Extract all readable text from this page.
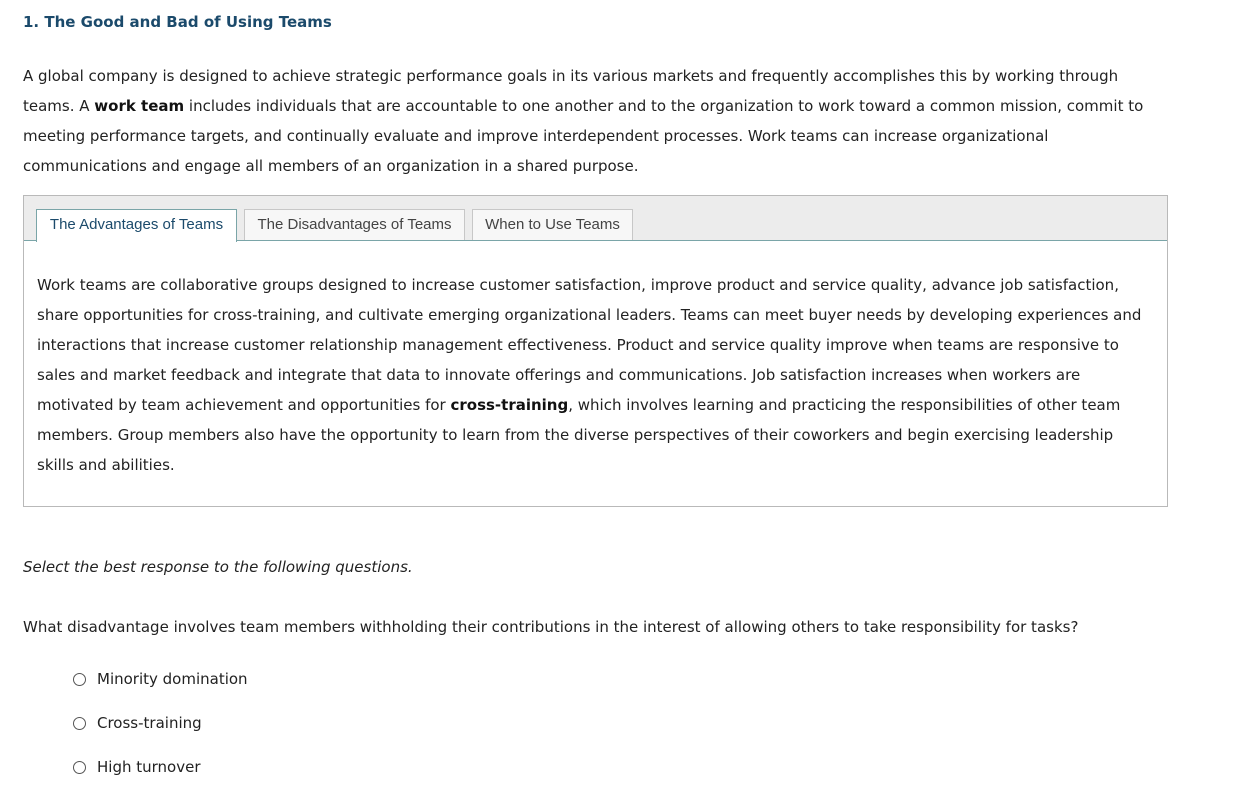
1. The Good and Bad of Using Teams
A global company is designed to achieve strategic performance goals in its various markets and frequently accomplishes this by working through teams. A work team includes individuals that are accountable to one another and to the organization to work toward a common mission, commit to meeting performance targets, and continually evaluate and improve interdependent processes. Work teams can increase organizational communications and engage all members of an organization in a shared purpose.
The Advantages of Teams	The Disadvantages of Teams	When to Use Teams
Work teams are collaborative groups designed to increase customer satisfaction, improve product and service quality, advance job satisfaction, share opportunities for cross-training, and cultivate emerging organizational leaders. Teams can meet buyer needs by developing experiences and interactions that increase customer relationship management effectiveness. Product and service quality improve when teams are responsive to sales and market feedback and integrate that data to innovate offerings and communications. Job satisfaction increases when workers are motivated by team achievement and opportunities for cross-training, which involves learning and practicing the responsibilities of other team members. Group members also have the opportunity to learn from the diverse perspectives of their coworkers and begin exercising leadership skills and abilities.
Select the best response to the following questions.
What disadvantage involves team members withholding their contributions in the interest of allowing others to take responsibility for tasks?
Minority domination
Cross-training
High turnover
